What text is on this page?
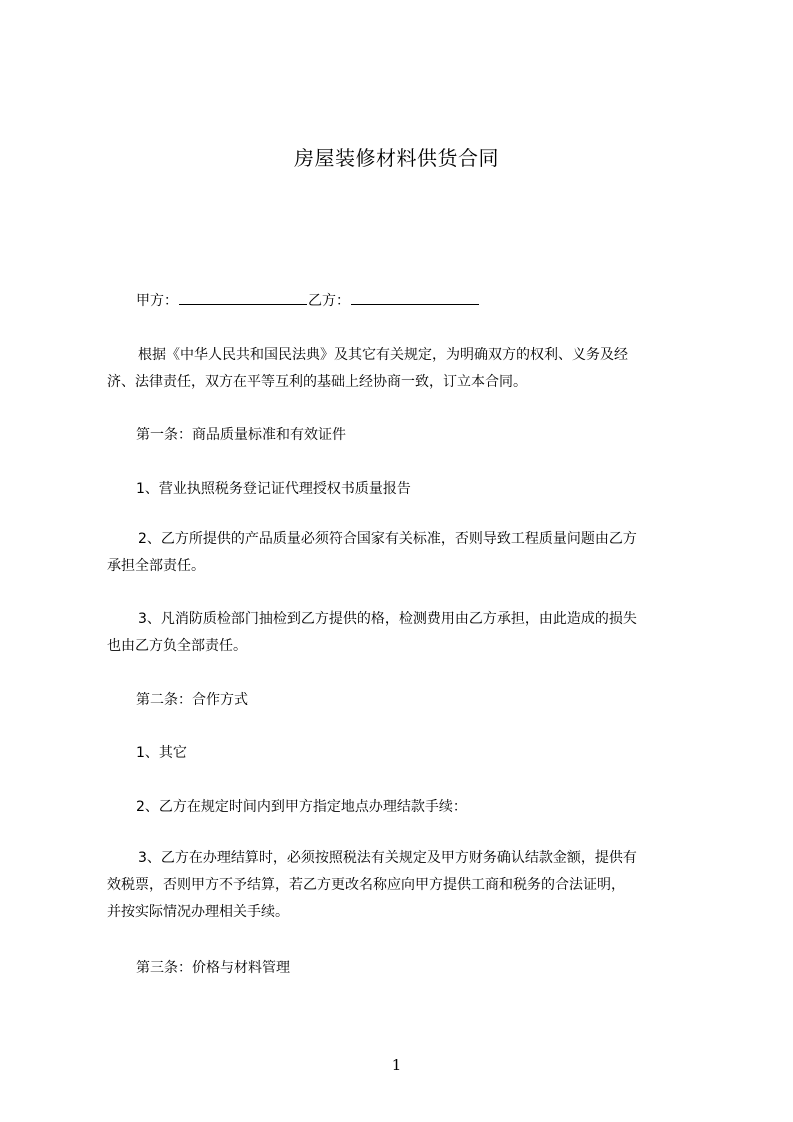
房屋装修材料供货合同
甲方：	乙方：
根据《中华人民共和国民法典》及其它有关规定，为明确双方的权利、义务及经
济、法律责任，双方在平等互利的基础上经协商一致，订立本合同。
第一条：商品质量标准和有效证件
1、营业执照税务登记证代理授权书质量报告
2、乙方所提供的产品质量必须符合国家有关标准，否则导致工程质量问题由乙方
承担全部责任。
3、凡消防质检部门抽检到乙方提供的格，检测费用由乙方承担，由此造成的损失
也由乙方负全部责任。
第二条：合作方式
1、其它
2、乙方在规定时间内到甲方指定地点办理结款手续：
3、乙方在办理结算时，必须按照税法有关规定及甲方财务确认结款金额，提供有
效税票，否则甲方不予结算，若乙方更改名称应向甲方提供工商和税务的合法证明，
并按实际情况办理相关手续。
第三条：价格与材料管理
1
